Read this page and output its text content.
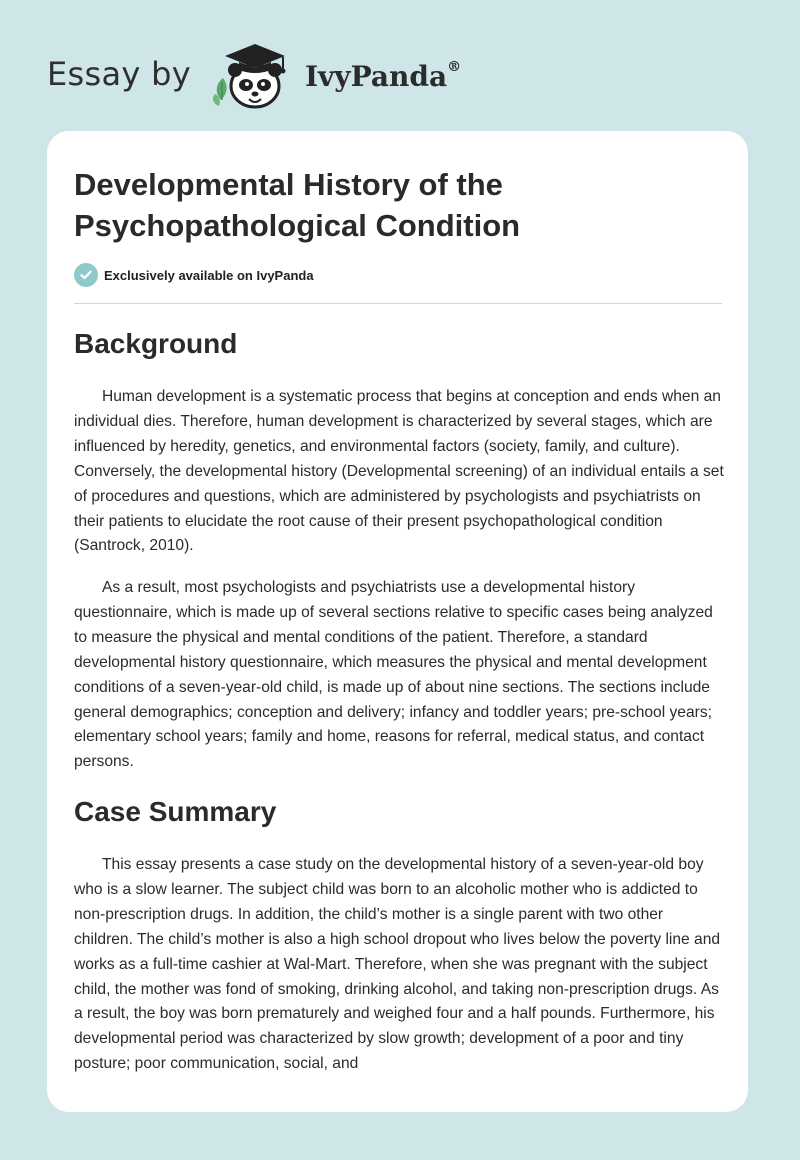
Essay by	IvyPanda®
Developmental History of the Psychopathological Condition
Exclusively available on IvyPanda
Background

Human development is a systematic process that begins at conception and ends when an individual dies. Therefore, human development is characterized by several stages, which are influenced by heredity, genetics, and environmental factors (society, family, and culture). Conversely, the developmental history (Developmental screening) of an individual entails a set of procedures and questions, which are administered by psychologists and psychiatrists on their patients to elucidate the root cause of their present psychopathological condition (Santrock, 2010).

As a result, most psychologists and psychiatrists use a developmental history questionnaire, which is made up of several sections relative to specific cases being analyzed to measure the physical and mental conditions of the patient. Therefore, a standard developmental history questionnaire, which measures the physical and mental development conditions of a seven-year-old child, is made up of about nine sections. The sections include general demographics; conception and delivery; infancy and toddler years; pre-school years; elementary school years; family and home, reasons for referral, medical status, and contact persons.

Case Summary

This essay presents a case study on the developmental history of a seven-year-old boy who is a slow learner. The subject child was born to an alcoholic mother who is addicted to non-prescription drugs. In addition, the child’s mother is a single parent with two other children. The child’s mother is also a high school dropout who lives below the poverty line and works as a full-time cashier at Wal-Mart. Therefore, when she was pregnant with the subject child, the mother was fond of smoking, drinking alcohol, and taking non-prescription drugs. As a result, the boy was born prematurely and weighed four and a half pounds. Furthermore, his developmental period was characterized by slow growth; development of a poor and tiny posture; poor communication, social, and
